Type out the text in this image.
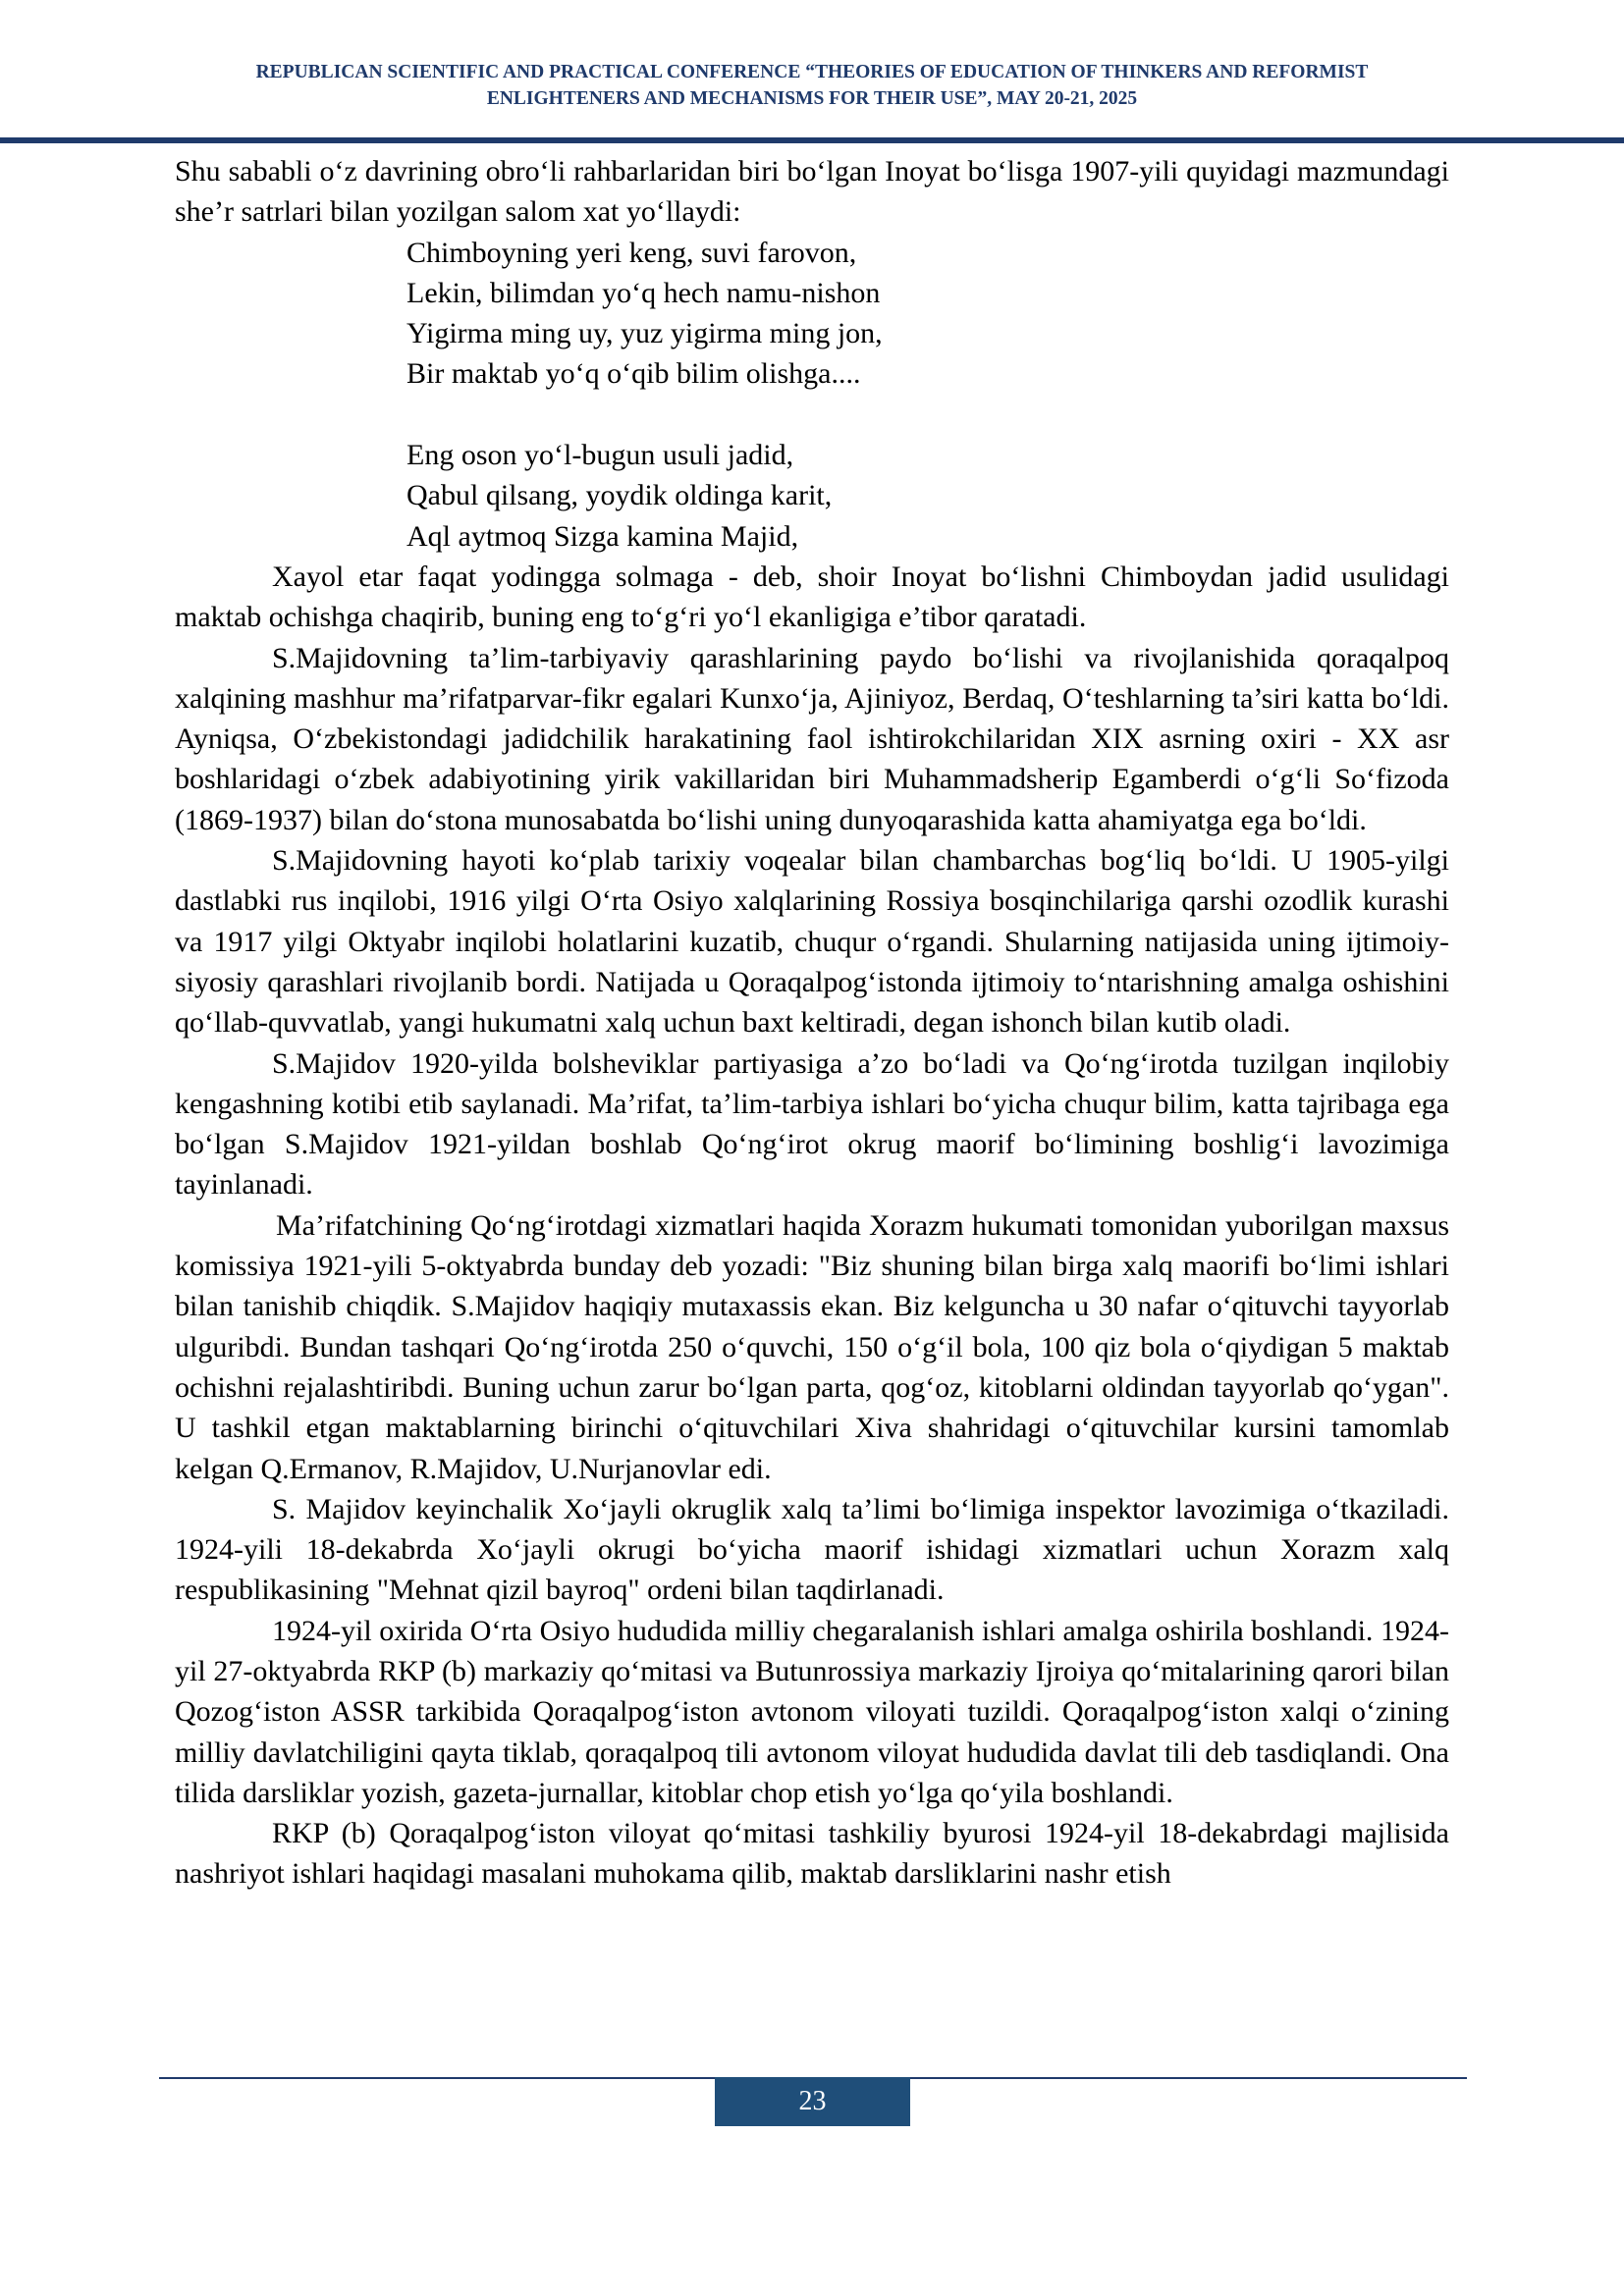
REPUBLICAN SCIENTIFIC AND PRACTICAL CONFERENCE “THEORIES OF EDUCATION OF THINKERS AND REFORMIST
ENLIGHTENERS AND MECHANISMS FOR THEIR USE”, MAY 20-21, 2025

Shu sababli o‘z davrining obro‘li rahbarlaridan biri bo‘lgan Inoyat bo‘lisga 1907-yili quyidagi mazmundagi she’r satrlari bilan yozilgan salom xat yo‘llaydi:

Chimboyning yeri keng, suvi farovon,
Lekin, bilimdan yo‘q hech namu-nishon
Yigirma ming uy, yuz yigirma ming jon,
Bir maktab yo‘q o‘qib bilim olishga....
Eng oson yo‘l-bugun usuli jadid,
Qabul qilsang, yoydik oldinga karit,
Aql aytmoq Sizga kamina Majid,

Xayol etar faqat yodingga solmaga - deb, shoir Inoyat bo‘lishni Chimboydan jadid usulidagi maktab ochishga chaqirib, buning eng to‘g‘ri yo‘l ekanligiga e’tibor qaratadi.

S.Majidovning ta’lim-tarbiyaviy qarashlarining paydo bo‘lishi va rivojlanishida qoraqalpoq xalqining mashhur ma’rifatparvar-fikr egalari Kunxo‘ja, Ajiniyoz, Berdaq, O‘teshlarning ta’siri katta bo‘ldi. Ayniqsa, O‘zbekistondagi jadidchilik harakatining faol ishtirokchilaridan XIX asrning oxiri - XX asr boshlaridagi o‘zbek adabiyotining yirik vakillaridan biri Muhammadsherip Egamberdi o‘g‘li So‘fizoda (1869-1937) bilan do‘stona munosabatda bo‘lishi uning dunyoqarashida katta ahamiyatga ega bo‘ldi.

S.Majidovning hayoti ko‘plab tarixiy voqealar bilan chambarchas bog‘liq bo‘ldi. U 1905-yilgi dastlabki rus inqilobi, 1916 yilgi O‘rta Osiyo xalqlarining Rossiya bosqinchilariga qarshi ozodlik kurashi va 1917 yilgi Oktyabr inqilobi holatlarini kuzatib, chuqur o‘rgandi. Shularning natijasida uning ijtimoiy-siyosiy qarashlari rivojlanib bordi. Natijada u Qoraqalpog‘istonda ijtimoiy to‘ntarishning amalga oshishini qo‘llab-quvvatlab, yangi hukumatni xalq uchun baxt keltiradi, degan ishonch bilan kutib oladi.

S.Majidov 1920-yilda bolsheviklar partiyasiga a’zo bo‘ladi va Qo‘ng‘irotda tuzilgan inqilobiy kengashning kotibi etib saylanadi. Ma’rifat, ta’lim-tarbiya ishlari bo‘yicha chuqur bilim, katta tajribaga ega bo‘lgan S.Majidov 1921-yildan boshlab Qo‘ng‘irot okrug maorif bo‘limining boshlig‘i lavozimiga tayinlanadi.

Ma’rifatchining Qo‘ng‘irotdagi xizmatlari haqida Xorazm hukumati tomonidan yuborilgan maxsus komissiya 1921-yili 5-oktyabrda bunday deb yozadi: "Biz shuning bilan birga xalq maorifi bo‘limi ishlari bilan tanishib chiqdik. S.Majidov haqiqiy mutaxassis ekan. Biz kelguncha u 30 nafar o‘qituvchi tayyorlab ulguribdi. Bundan tashqari Qo‘ng‘irotda 250 o‘quvchi, 150 o‘g‘il bola, 100 qiz bola o‘qiydigan 5 maktab ochishni rejalashtiribdi. Buning uchun zarur bo‘lgan parta, qog‘oz, kitoblarni oldindan tayyorlab qo‘ygan". U tashkil etgan maktablarning birinchi o‘qituvchilari Xiva shahridagi o‘qituvchilar kursini tamomlab kelgan Q.Ermanov, R.Majidov, U.Nurjanovlar edi.

S. Majidov keyinchalik Xo‘jayli okruglik xalq ta’limi bo‘limiga inspektor lavozimiga o‘tkaziladi. 1924-yili 18-dekabrda Xo‘jayli okrugi bo‘yicha maorif ishidagi xizmatlari uchun Xorazm xalq respublikasining "Mehnat qizil bayroq" ordeni bilan taqdirlanadi.

1924-yil oxirida O‘rta Osiyo hududida milliy chegaralanish ishlari amalga oshirila boshlandi. 1924-yil 27-oktyabrda RKP (b) markaziy qo‘mitasi va Butunrossiya markaziy Ijroiya qo‘mitalarining qarori bilan Qozog‘iston ASSR tarkibida Qoraqalpog‘iston avtonom viloyati tuzildi. Qoraqalpog‘iston xalqi o‘zining milliy davlatchiligini qayta tiklab, qoraqalpoq tili avtonom viloyat hududida davlat tili deb tasdiqlandi. Ona tilida darsliklar yozish, gazeta-jurnallar, kitoblar chop etish yo‘lga qo‘yila boshlandi.

RKP (b) Qoraqalpog‘iston viloyat qo‘mitasi tashkiliy byurosi 1924-yil 18-dekabrdagi majlisida nashriyot ishlari haqidagi masalani muhokama qilib, maktab darsliklarini nashr etish

23
